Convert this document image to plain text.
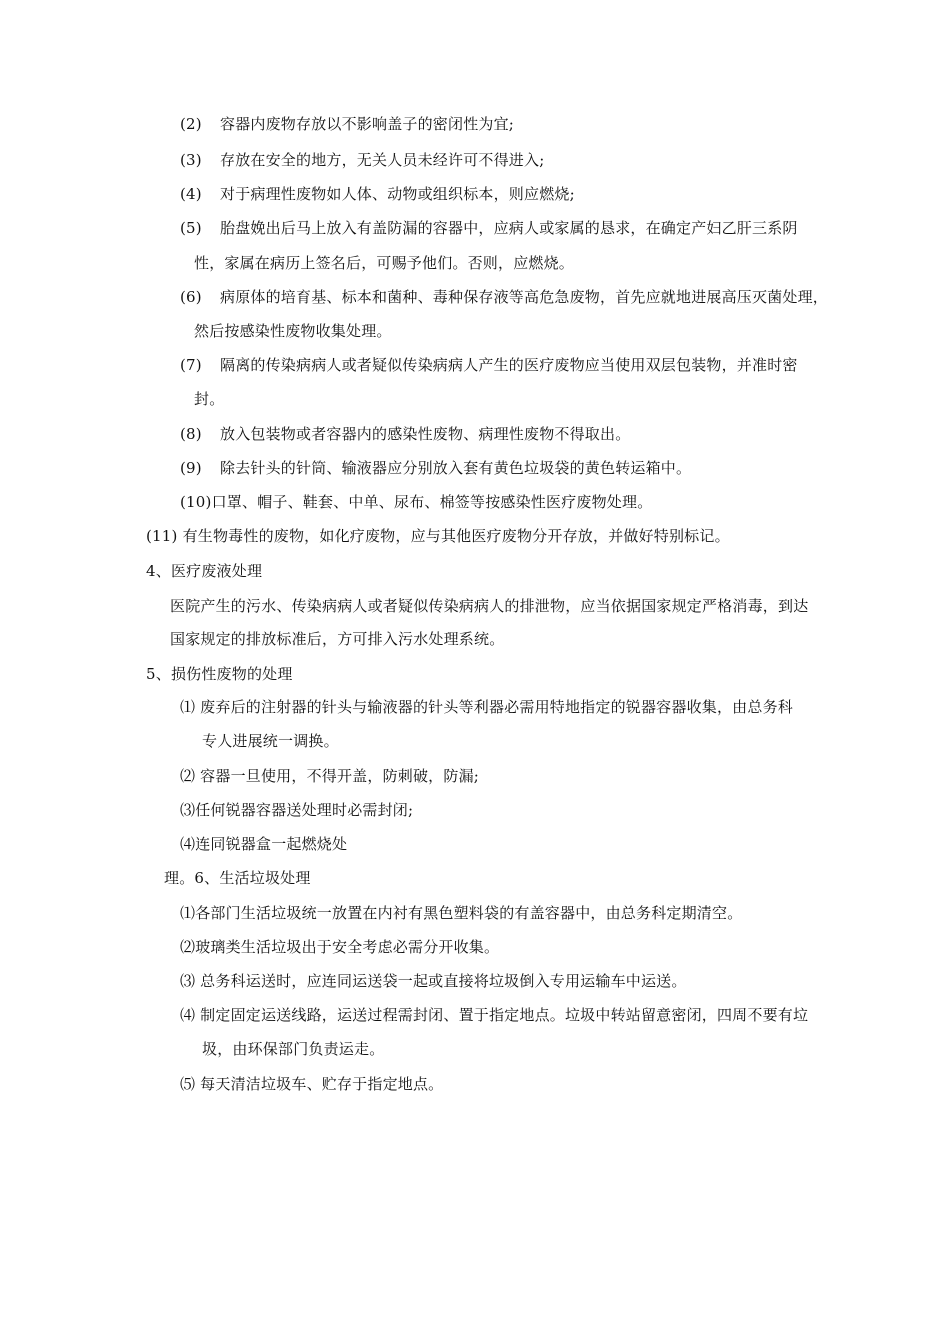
(2) 容器内废物存放以不影响盖子的密闭性为宜;
(3) 存放在安全的地方，无关人员未经许可不得进入;
(4) 对于病理性废物如人体、动物或组织标本，则应燃烧;
(5) 胎盘娩出后马上放入有盖防漏的容器中，应病人或家属的恳求，在确定产妇乙肝三系阴
性，家属在病历上签名后，可赐予他们。否则，应燃烧。
(6) 病原体的培育基、标本和菌种、毒种保存液等高危急废物，首先应就地进展高压灭菌处理，
然后按感染性废物收集处理。
(7) 隔离的传染病病人或者疑似传染病病人产生的医疗废物应当使用双层包装物，并准时密
封。
(8) 放入包装物或者容器内的感染性废物、病理性废物不得取出。
(9) 除去针头的针筒、输液器应分别放入套有黄色垃圾袋的黄色转运箱中。
(10)口罩、帽子、鞋套、中单、尿布、棉签等按感染性医疗废物处理。
(11) 有生物毒性的废物，如化疗废物，应与其他医疗废物分开存放，并做好特别标记。
4、医疗废液处理
医院产生的污水、传染病病人或者疑似传染病病人的排泄物，应当依据国家规定严格消毒，到达
国家规定的排放标准后，方可排入污水处理系统。
5、损伤性废物的处理
⑴ 废弃后的注射器的针头与输液器的针头等利器必需用特地指定的锐器容器收集，由总务科
专人进展统一调换。
⑵ 容器一旦使用，不得开盖，防刺破，防漏;
⑶任何锐器容器送处理时必需封闭;
⑷连同锐器盒一起燃烧处
理。6、生活垃圾处理
⑴各部门生活垃圾统一放置在内衬有黑色塑料袋的有盖容器中，由总务科定期清空。
⑵玻璃类生活垃圾出于安全考虑必需分开收集。
⑶ 总务科运送时，应连同运送袋一起或直接将垃圾倒入专用运输车中运送。
⑷ 制定固定运送线路，运送过程需封闭、置于指定地点。垃圾中转站留意密闭，四周不要有垃
圾，由环保部门负责运走。
⑸ 每天清洁垃圾车、贮存于指定地点。
